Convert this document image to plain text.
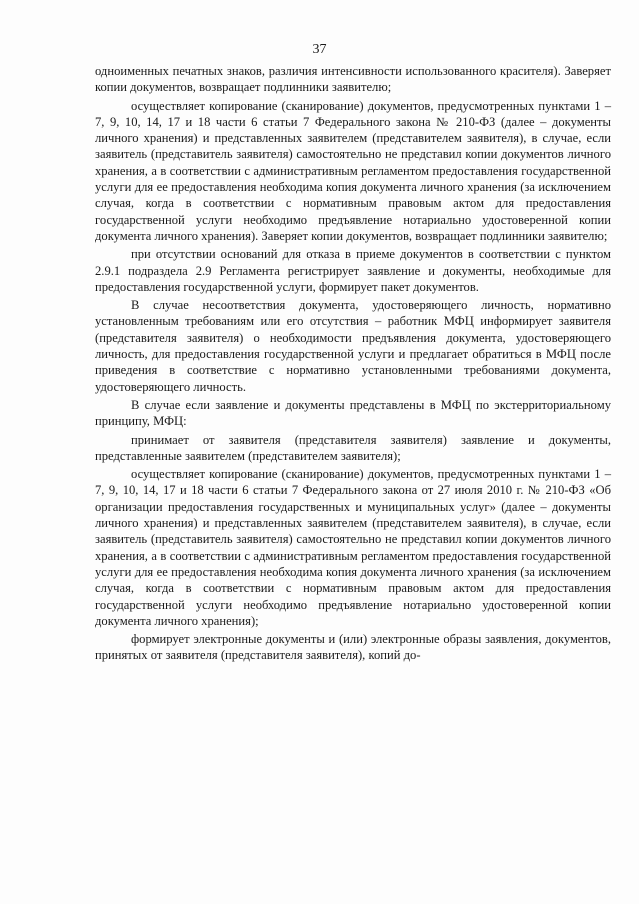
37

одноименных печатных знаков, различия интенсивности использованного красителя). Заверяет копии документов, возвращает подлинники заявителю;

осуществляет копирование (сканирование) документов, предусмотренных пунктами 1 – 7, 9, 10, 14, 17 и 18 части 6 статьи 7 Федерального закона № 210-ФЗ (далее – документы личного хранения) и представленных заявителем (представителем заявителя), в случае, если заявитель (представитель заявителя) самостоятельно не представил копии документов личного хранения, а в соответствии с административным регламентом предоставления государственной услуги для ее предоставления необходима копия документа личного хранения (за исключением случая, когда в соответствии с нормативным правовым актом для предоставления государственной услуги необходимо предъявление нотариально удостоверенной копии документа личного хранения). Заверяет копии документов, возвращает подлинники заявителю;

при отсутствии оснований для отказа в приеме документов в соответствии с пунктом 2.9.1 подраздела 2.9 Регламента регистрирует заявление и документы, необходимые для предоставления государственной услуги, формирует пакет документов.

В случае несоответствия документа, удостоверяющего личность, нормативно установленным требованиям или его отсутствия – работник МФЦ информирует заявителя (представителя заявителя) о необходимости предъявления документа, удостоверяющего личность, для предоставления государственной услуги и предлагает обратиться в МФЦ после приведения в соответствие с нормативно установленными требованиями документа, удостоверяющего личность.

В случае если заявление и документы представлены в МФЦ по экстерриториальному принципу, МФЦ:

принимает от заявителя (представителя заявителя) заявление и документы, представленные заявителем (представителем заявителя);

осуществляет копирование (сканирование) документов, предусмотренных пунктами 1 – 7, 9, 10, 14, 17 и 18 части 6 статьи 7 Федерального закона от 27 июля 2010 г. № 210-ФЗ «Об организации предоставления государственных и муниципальных услуг» (далее – документы личного хранения) и представленных заявителем (представителем заявителя), в случае, если заявитель (представитель заявителя) самостоятельно не представил копии документов личного хранения, а в соответствии с административным регламентом предоставления государственной услуги для ее предоставления необходима копия документа личного хранения (за исключением случая, когда в соответствии с нормативным правовым актом для предоставления государственной услуги необходимо предъявление нотариально удостоверенной копии документа личного хранения);

формирует электронные документы и (или) электронные образы заявления, документов, принятых от заявителя (представителя заявителя), копий до-
